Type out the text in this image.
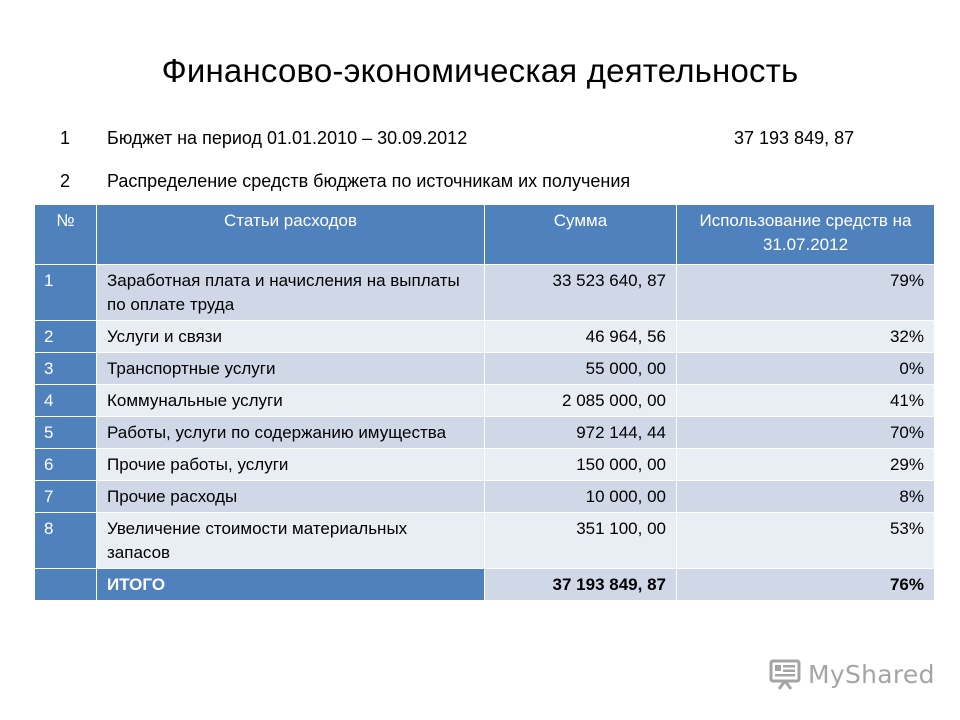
Финансово-экономическая деятельность
1 Бюджет на период 01.01.2010 – 30.09.2012	37 193 849, 87
2 Распределение средств бюджета по источникам их получения
№	Статьи расходов	Сумма	Использование средств на 31.07.2012
1	Заработная плата и начисления на выплаты по оплате труда	33 523 640, 87	79%
2	Услуги и связи	46 964, 56	32%
3	Транспортные услуги	55 000, 00	0%
4	Коммунальные услуги	2 085 000, 00	41%
5	Работы, услуги по содержанию имущества	972 144, 44	70%
6	Прочие работы, услуги	150 000, 00	29%
7	Прочие расходы	10 000, 00	8%
8	Увеличение стоимости материальных запасов	351 100, 00	53%
	ИТОГО	37 193 849, 87	76%
MyShared
